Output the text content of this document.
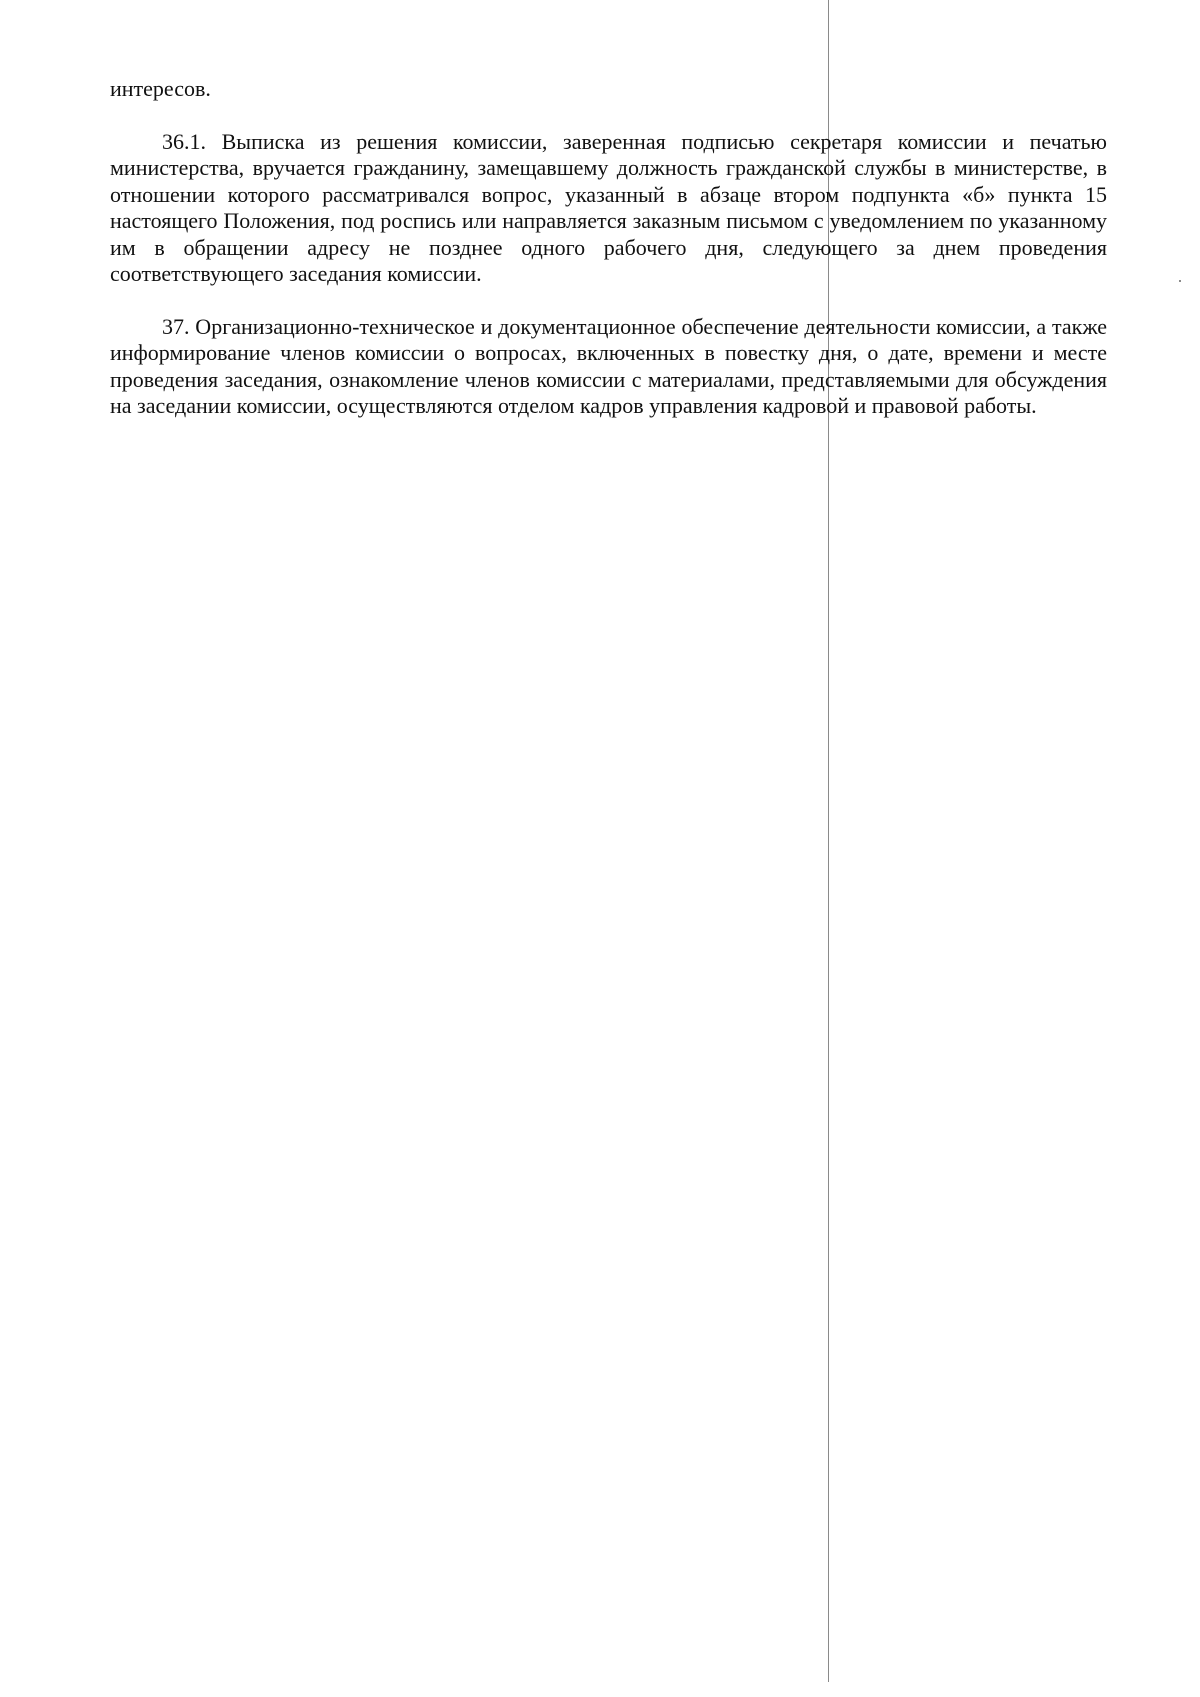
интересов.

36.1. Выписка из решения комиссии, заверенная подписью секретаря комиссии и печатью министерства, вручается гражданину, замещавшему должность гражданской службы в министерстве, в отношении которого рассматривался вопрос, указанный в абзаце втором подпункта «б» пункта 15 настоящего Положения, под роспись или направляется заказным письмом с уведомлением по указанному им в обращении адресу не позднее одного рабочего дня, следующего за днем проведения соответствующего заседания комиссии.

37. Организационно-техническое и документационное обеспечение деятельности комиссии, а также информирование членов комиссии о вопросах, включенных в повестку дня, о дате, времени и месте проведения заседания, ознакомление членов комиссии с материалами, представляемыми для обсуждения на заседании комиссии, осуществляются отделом кадров управления кадровой и правовой работы.
